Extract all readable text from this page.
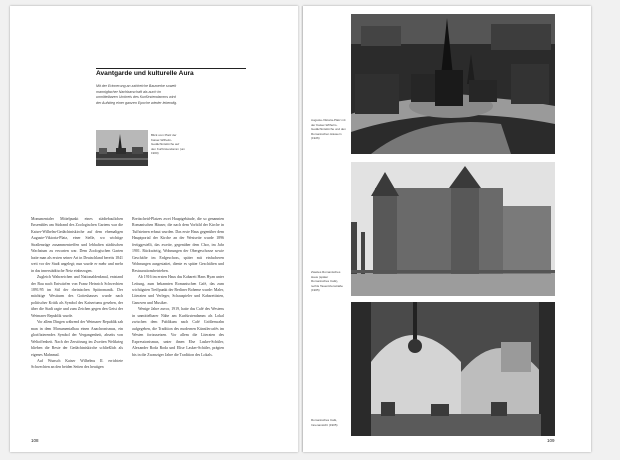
Avantgarde und kulturelle Aura
Mit der Erinnerung an zahlreiche Bauwerke soweit mannigfacher Nachbarschaft als auch im unmittelbaren Umkreis des Kurfürstendamms wird der Aufstieg einer ganzen Epoche wieder lebendig.
Blick vom Platz der Kaiser-Wilhelm-Gedächtniskirche auf den Kurfürstendamm (um 1900)

Monumentaler Mittelpunkt eines städtebaulichen Ensembles am Südrand des Zoologischen Gartens war die Kaiser-Wilhelm-Gedächtniskirche auf dem ehemaligen Auguste-Viktoria-Platz, einer Stelle, wo wichtige Straßenzüge zusammentreffen und lebhaften städtischen Wachstum zu erwarten war. Dem Zoologischen Garten hatte man als ersten seiner Art in Deutschland bereits 1841 weit vor der Stadt angelegt; nun wurde er mehr und mehr in das innerstädtische Netz einbezogen.

Zugleich Wahrzeichen und Nationaldenkmal, entstand der Bau nach Entwürfen von Franz Heinrich Schwechten 1891/95 im Stil der rheinischen Spätromanik. Der mächtige Westturm des Gotteshauses wurde nach politischer Kritik als Symbol des Kaisertums gesehen, der über die Stadt ragte und zum Zeichen gegen den Geist der Weimarer Republik wurde.

Vor allem Dingen während der Weimarer Republik sah man in dem Monumentalbau einen Anachronismus, ein glorifizierendes Symbol der Vergangenheit, abseits von Weltoffenheit. Nach der Zerstörung im Zweiten Weltkrieg blieben die Reste der Gedächtniskirche schließlich als eigenes Mahnmal.

Auf Wunsch Kaiser Wilhelms II. errichtete Schwechten an den beiden Seiten des heutigen

Breitscheid-Platzes zwei Hauptgebäude, die so genannten Romanischen Häuser, die nach dem Vorbild der Kirche in Tuffsteinen erbaut wurden. Das erste Haus gegenüber dem Hauptportal der Kirche an der Westseite wurde 1896 fertiggestellt, das zweite, gegenüber dem Chor, im Jahr 1901. Rückwärtig, Wohnungen der Obergeschosse sowie Geschäfte im Erdgeschoss, später mit einfacheren Wohnungen ausgestattet, diente es später Geschäften und Restaurationsbetrieben.

Ab 1916 im ersten Haus das Kabarett Hans Hyan unter Leitung, zum bekannten Romanischen Café, das zum wichtigsten Treffpunkt der Berliner Boheme wurde: Maler, Literaten und Verleger, Schauspieler und Kabarettisten, Ganoven und Musiker.

Wenige Jahre zuvor, 1919, hatte das Café des Westens in unmittelbarer Nähe am Kurfürstendamm als Lokal zwischen dem Publikum nach Café Größenwahn aufgegeben, die Tradition des modernen Künstlercafés im Westen fortzusetzen. Vor allem die Literaten des Expressionismus, unter ihnen Else Lasker-Schüler, Alexander Roda Roda und Elise Lasker-Schüler, prägten bis in die Zwanziger Jahre die Tradition des Lokals.

108
Auguste-Viktoria-Platz mit der Kaiser-Wilhelm-Gedächtniskirche und den Romanischen Häusern (1926)
Zweites Romanisches Haus (später Romanisches Café), rechts Tauentzienstraße (1905)
Romanisches Café, Innenansicht (1905)
109
